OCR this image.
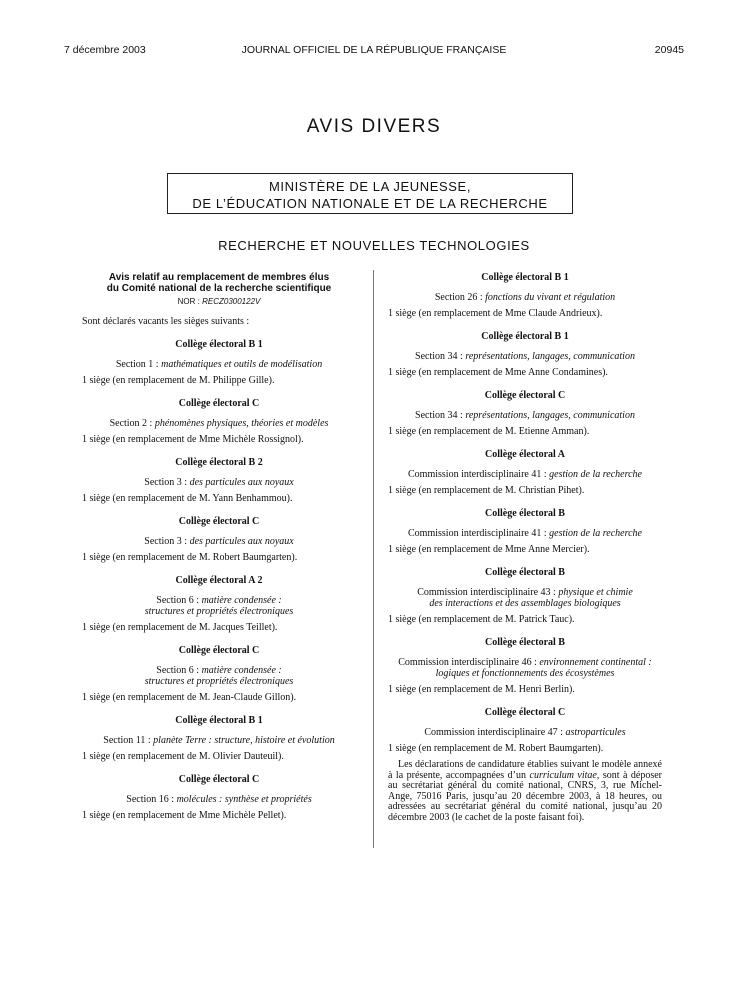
7 décembre 2003	JOURNAL OFFICIEL DE LA RÉPUBLIQUE FRANÇAISE	20945
AVIS DIVERS
MINISTÈRE DE LA JEUNESSE,
DE L’ÉDUCATION NATIONALE ET DE LA RECHERCHE
RECHERCHE ET NOUVELLES TECHNOLOGIES
Avis relatif au remplacement de membres élus
du Comité national de la recherche scientifique
NOR : RECZ0300122V
Sont déclarés vacants les sièges suivants :
Collège électoral B 1
Section 1 : mathématiques et outils de modélisation
1 siège (en remplacement de M. Philippe Gille).
Collège électoral C
Section 2 : phénomènes physiques, théories et modèles
1 siège (en remplacement de Mme Michèle Rossignol).
Collège électoral B 2
Section 3 : des particules aux noyaux
1 siège (en remplacement de M. Yann Benhammou).
Collège électoral C
Section 3 : des particules aux noyaux
1 siège (en remplacement de M. Robert Baumgarten).
Collège électoral A 2
Section 6 : matière condensée :
structures et propriétés électroniques
1 siège (en remplacement de M. Jacques Teillet).
Collège électoral C
Section 6 : matière condensée :
structures et propriétés électroniques
1 siège (en remplacement de M. Jean-Claude Gillon).
Collège électoral B 1
Section 11 : planète Terre : structure, histoire et évolution
1 siège (en remplacement de M. Olivier Dauteuil).
Collège électoral C
Section 16 : molécules : synthèse et propriétés
1 siège (en remplacement de Mme Michèle Pellet).
Collège électoral B 1
Section 26 : fonctions du vivant et régulation
1 siège (en remplacement de Mme Claude Andrieux).
Collège électoral B 1
Section 34 : représentations, langages, communication
1 siège (en remplacement de Mme Anne Condamines).
Collège électoral C
Section 34 : représentations, langages, communication
1 siège (en remplacement de M. Etienne Amman).
Collège électoral A
Commission interdisciplinaire 41 : gestion de la recherche
1 siège (en remplacement de M. Christian Pihet).
Collège électoral B
Commission interdisciplinaire 41 : gestion de la recherche
1 siège (en remplacement de Mme Anne Mercier).
Collège électoral B
Commission interdisciplinaire 43 : physique et chimie
des interactions et des assemblages biologiques
1 siège (en remplacement de M. Patrick Tauc).
Collège électoral B
Commission interdisciplinaire 46 : environnement continental :
logiques et fonctionnements des écosystèmes
1 siège (en remplacement de M. Henri Berlin).
Collège électoral C
Commission interdisciplinaire 47 : astroparticules
1 siège (en remplacement de M. Robert Baumgarten).
Les déclarations de candidature établies suivant le modèle annexé à la présente, accompagnées d’un curriculum vitae, sont à déposer au secrétariat général du comité national, CNRS, 3, rue Michel-Ange, 75016 Paris, jusqu’au 20 décembre 2003, à 18 heures, ou adressées au secrétariat général du comité national, jusqu’au 20 décembre 2003 (le cachet de la poste faisant foi).
